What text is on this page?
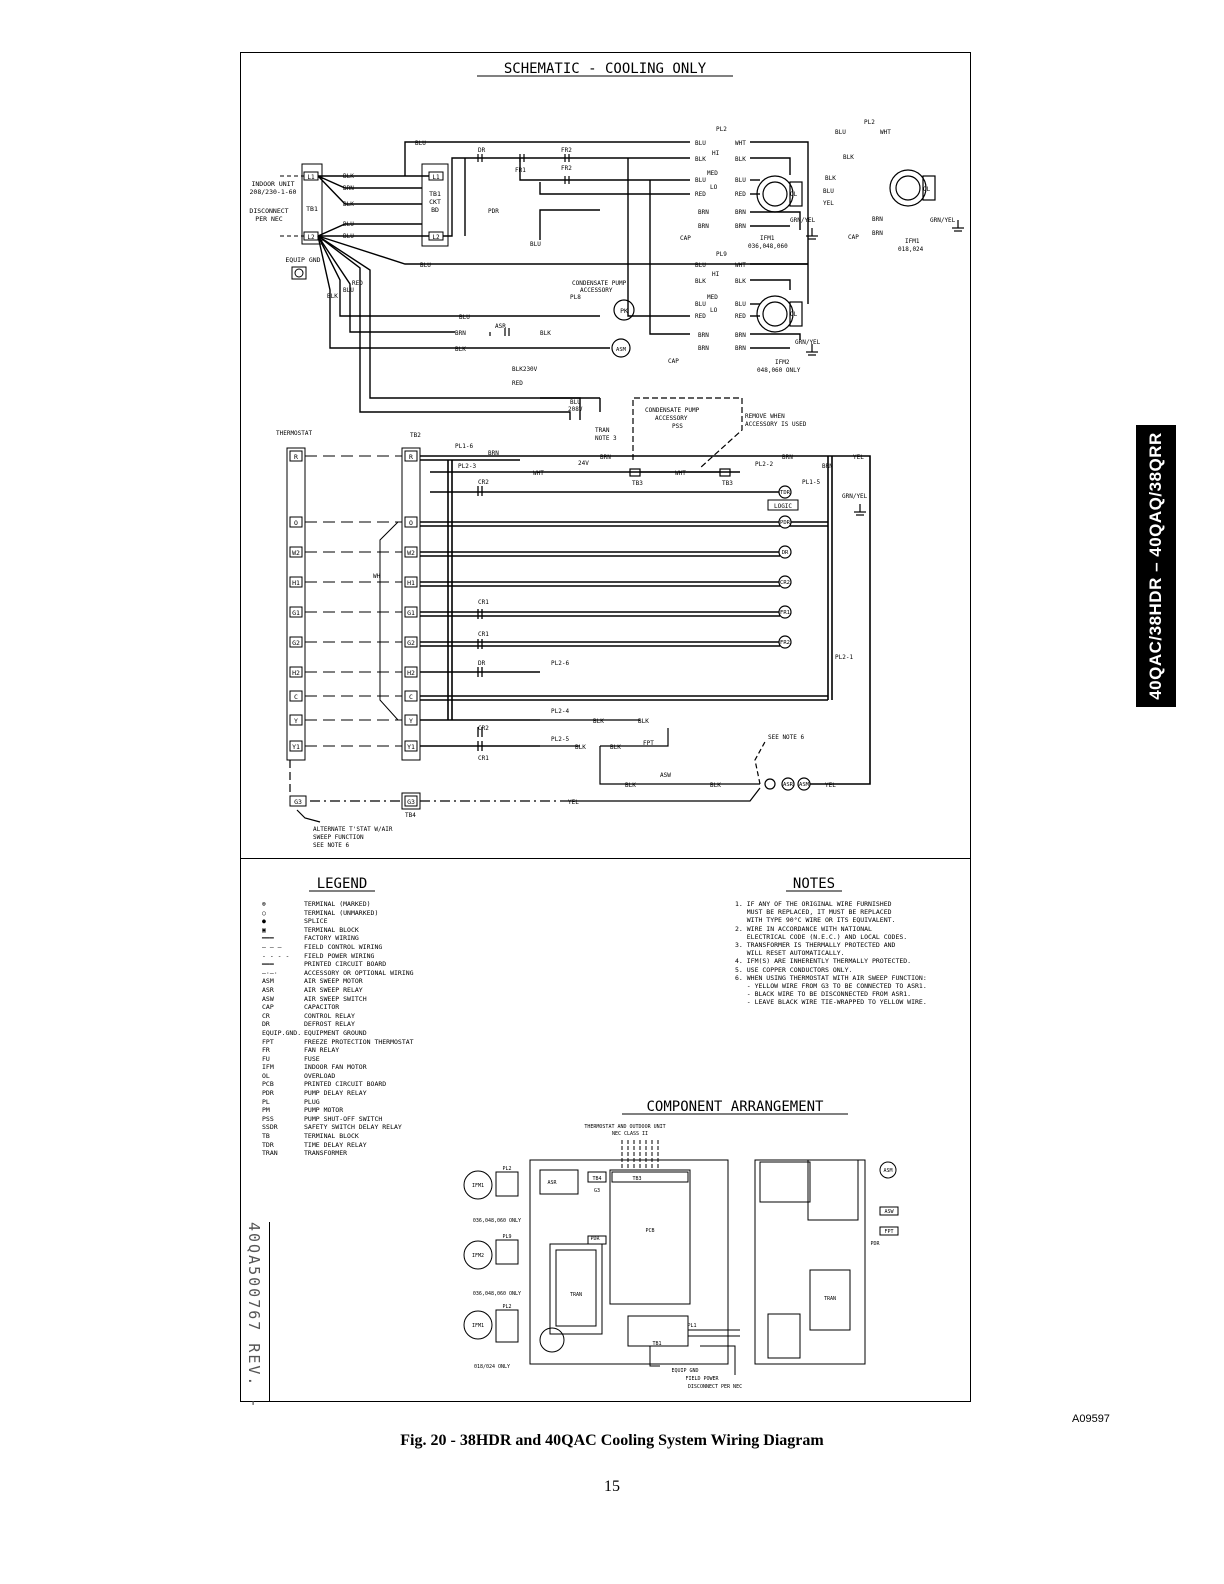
SCHEMATIC - COOLING ONLY
INDOOR UNIT
208/230-1-60
DISCONNECT
PER NEC
EQUIP GND
TB1
L1
L2
TB1
CKT
BD
L1
L2
OL
OL
OL
PK
ASM
BLU	BLU	WHT
BLK	BLK
HI
BLU	BLU
MED
LO
RED	RED
BRN	BRN
BRN	BRN
PL2
CAP	IFM1
036,048,060
GRN/YEL
PL9
BLU	BLU	WHT
BLK	BLK
HI
BLU	BLU
MED
LO
RED	RED
BRN	BRN
BRN	BRN
CAP	IFM2
048,060 ONLY
GRN/YEL
CONDENSATE PUMP
ACCESSORY
PL8
BLU
BRN
ASR
BLK
BLK
BLK230V
RED
BLU
208V
TRAN
NOTE 3
24V
CONDENSATE PUMP
ACCESSORY
PSS
REMOVE WHEN
ACCESSORY IS USED
DR
FR1
FR2
FR2
PDR
BLU
RED
BLU
BLK
BLK
BRN
BLK
BLU
BLU
PL2
BLU	WHT
BLK
BLK
BLU
YEL
BRN
BRN
CAP
IFM1
018,024
GRN/YEL
THERMOSTAT	TB2
R	R
O	O
W2	W2
H1	H1
G1	G1
G2	G2
H2	H2
C	C
Y	Y
Y1	Y1
WH
LOGIC
TDR
PDR
DR
CR2
FR1
FR2
CR2
CR1
CR1
DR
CR2
CR1
PL1-6
PL2-3	PL2-2
PL1-5
PL2-1
PL2-6
PL2-4
PL2-5
BRN
WHT
BRN
TB3
WHT
TB3
BRN
BRN
YEL
GRN/YEL
BLK	BLK
BLK	BLK
FPT
BLK
ASW
BLK
SEE NOTE 6
YEL
YEL
ASR ASM
G3	G3
TB4
ALTERNATE T'STAT W/AIR
SWEEP FUNCTION
SEE NOTE 6
LEGEND	NOTES
COMPONENT ARRANGEMENT
THERMOSTAT AND OUTDOOR UNIT
NEC CLASS II
IFM1
IFM2
IFM1
PL2
PL9
PL2
ASR
TB4
G3
TB3
PCB
TRAN
TB1
PL1
EQUIP GND
FIELD POWER
DISCONNECT PER NEC
036,048,060 ONLY
036,048,060 ONLY
018/024 ONLY
ASM
ASW
FPT
PDR
TRAN
PDR
⊗	TERMINAL (MARKED)
○	TERMINAL (UNMARKED)
●	SPLICE
▣	TERMINAL BLOCK
━━━	FACTORY WIRING
— — —	FIELD CONTROL WIRING
- - - - FIELD POWER WIRING
═══	PRINTED CIRCUIT BOARD
—·—·	ACCESSORY OR OPTIONAL WIRING
ASM	AIR SWEEP MOTOR
ASR	AIR SWEEP RELAY
ASW	AIR SWEEP SWITCH
CAP	CAPACITOR
CR	CONTROL RELAY
DR	DEFROST RELAY
EQUIP.GND. EQUIPMENT GROUND
FPT	FREEZE PROTECTION THERMOSTAT
FR	FAN RELAY
FU	FUSE
IFM	INDOOR FAN MOTOR
OL	OVERLOAD
PCB	PRINTED CIRCUIT BOARD
PDR	PUMP DELAY RELAY
PL	PLUG
PM	PUMP MOTOR
PSS	PUMP SHUT-OFF SWITCH
SSDR	SAFETY SWITCH DELAY RELAY
TB	TERMINAL BLOCK
TDR	TIME DELAY RELAY
TRAN	TRANSFORMER
1. IF ANY OF THE ORIGINAL WIRE FURNISHED
MUST BE REPLACED, IT MUST BE REPLACED
WITH TYPE 90°C WIRE OR ITS EQUIVALENT.
2. WIRE IN ACCORDANCE WITH NATIONAL
ELECTRICAL CODE (N.E.C.) AND LOCAL CODES.
3. TRANSFORMER IS THERMALLY PROTECTED AND
WILL RESET AUTOMATICALLY.
4. IFM(S) ARE INHERENTLY THERMALLY PROTECTED.
5. USE COPPER CONDUCTORS ONLY.
6. WHEN USING THERMOSTAT WITH AIR SWEEP FUNCTION:
- YELLOW WIRE FROM G3 TO BE CONNECTED TO ASR1.
- BLACK WIRE TO BE DISCONNECTED FROM ASR1.
- LEAVE BLACK WIRE TIE-WRAPPED TO YELLOW WIRE.
40QA500767 REV. -
40QAC/38HDR – 40QAQ/38QRR
A09597
Fig. 20 - 38HDR and 40QAC Cooling System Wiring Diagram
15
